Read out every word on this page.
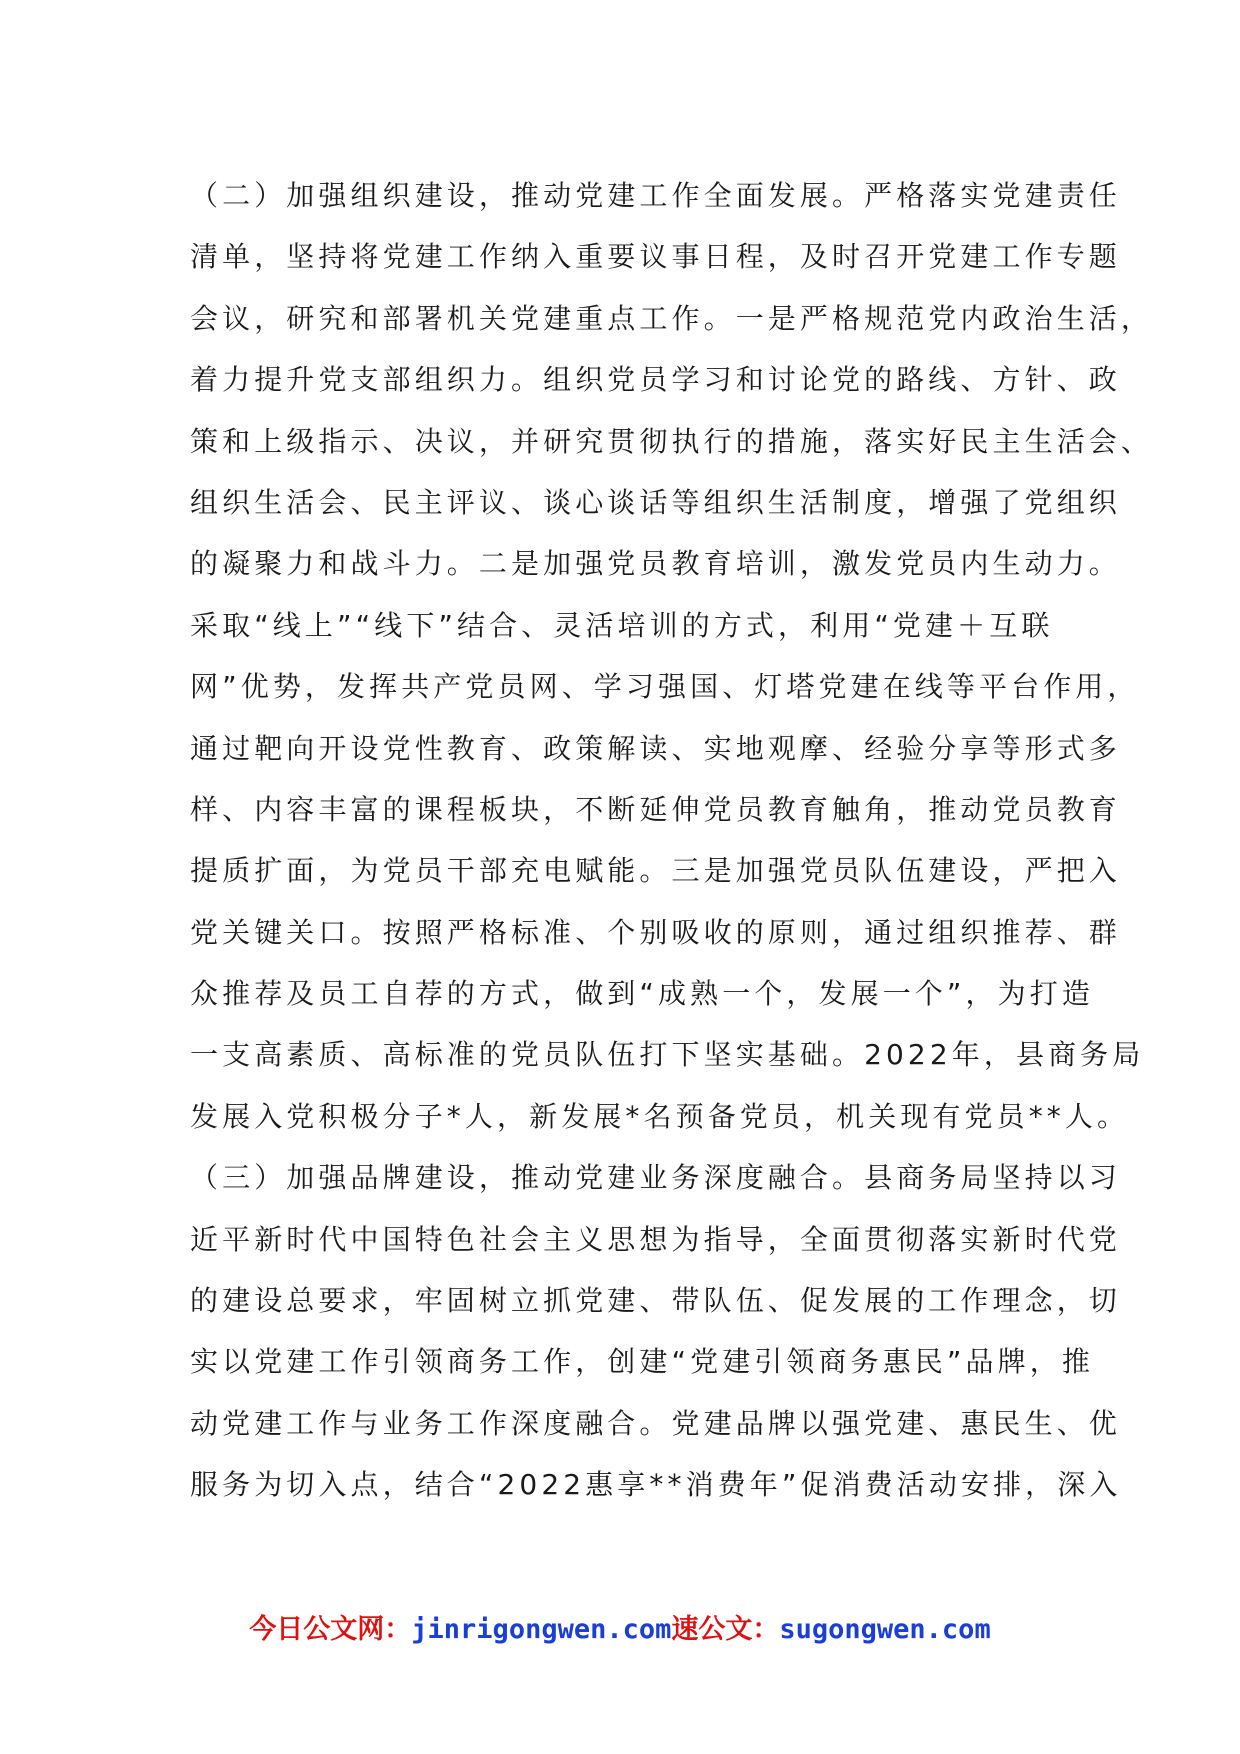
（二）加强组织建设，推动党建工作全面发展。严格落实党建责任
清单，坚持将党建工作纳入重要议事日程，及时召开党建工作专题
会议，研究和部署机关党建重点工作。一是严格规范党内政治生活，
着力提升党支部组织力。组织党员学习和讨论党的路线、方针、政
策和上级指示、决议，并研究贯彻执行的措施，落实好民主生活会、
组织生活会、民主评议、谈心谈话等组织生活制度，增强了党组织
的凝聚力和战斗力。二是加强党员教育培训，激发党员内生动力。
采取“线上”“线下”结合、灵活培训的方式，利用“党建＋互联
网”优势，发挥共产党员网、学习强国、灯塔党建在线等平台作用，
通过靶向开设党性教育、政策解读、实地观摩、经验分享等形式多
样、内容丰富的课程板块，不断延伸党员教育触角，推动党员教育
提质扩面，为党员干部充电赋能。三是加强党员队伍建设，严把入
党关键关口。按照严格标准、个别吸收的原则，通过组织推荐、群
众推荐及员工自荐的方式，做到“成熟一个，发展一个”，为打造
一支高素质、高标准的党员队伍打下坚实基础。2022年，县商务局
发展入党积极分子*人，新发展*名预备党员，机关现有党员**人。
（三）加强品牌建设，推动党建业务深度融合。县商务局坚持以习
近平新时代中国特色社会主义思想为指导，全面贯彻落实新时代党
的建设总要求，牢固树立抓党建、带队伍、促发展的工作理念，切
实以党建工作引领商务工作，创建“党建引领商务惠民”品牌，推
动党建工作与业务工作深度融合。党建品牌以强党建、惠民生、优
服务为切入点，结合“2022惠享**消费年”促消费活动安排，深入
今日公文网：jinrigongwen.com速公文：sugongwen.com
